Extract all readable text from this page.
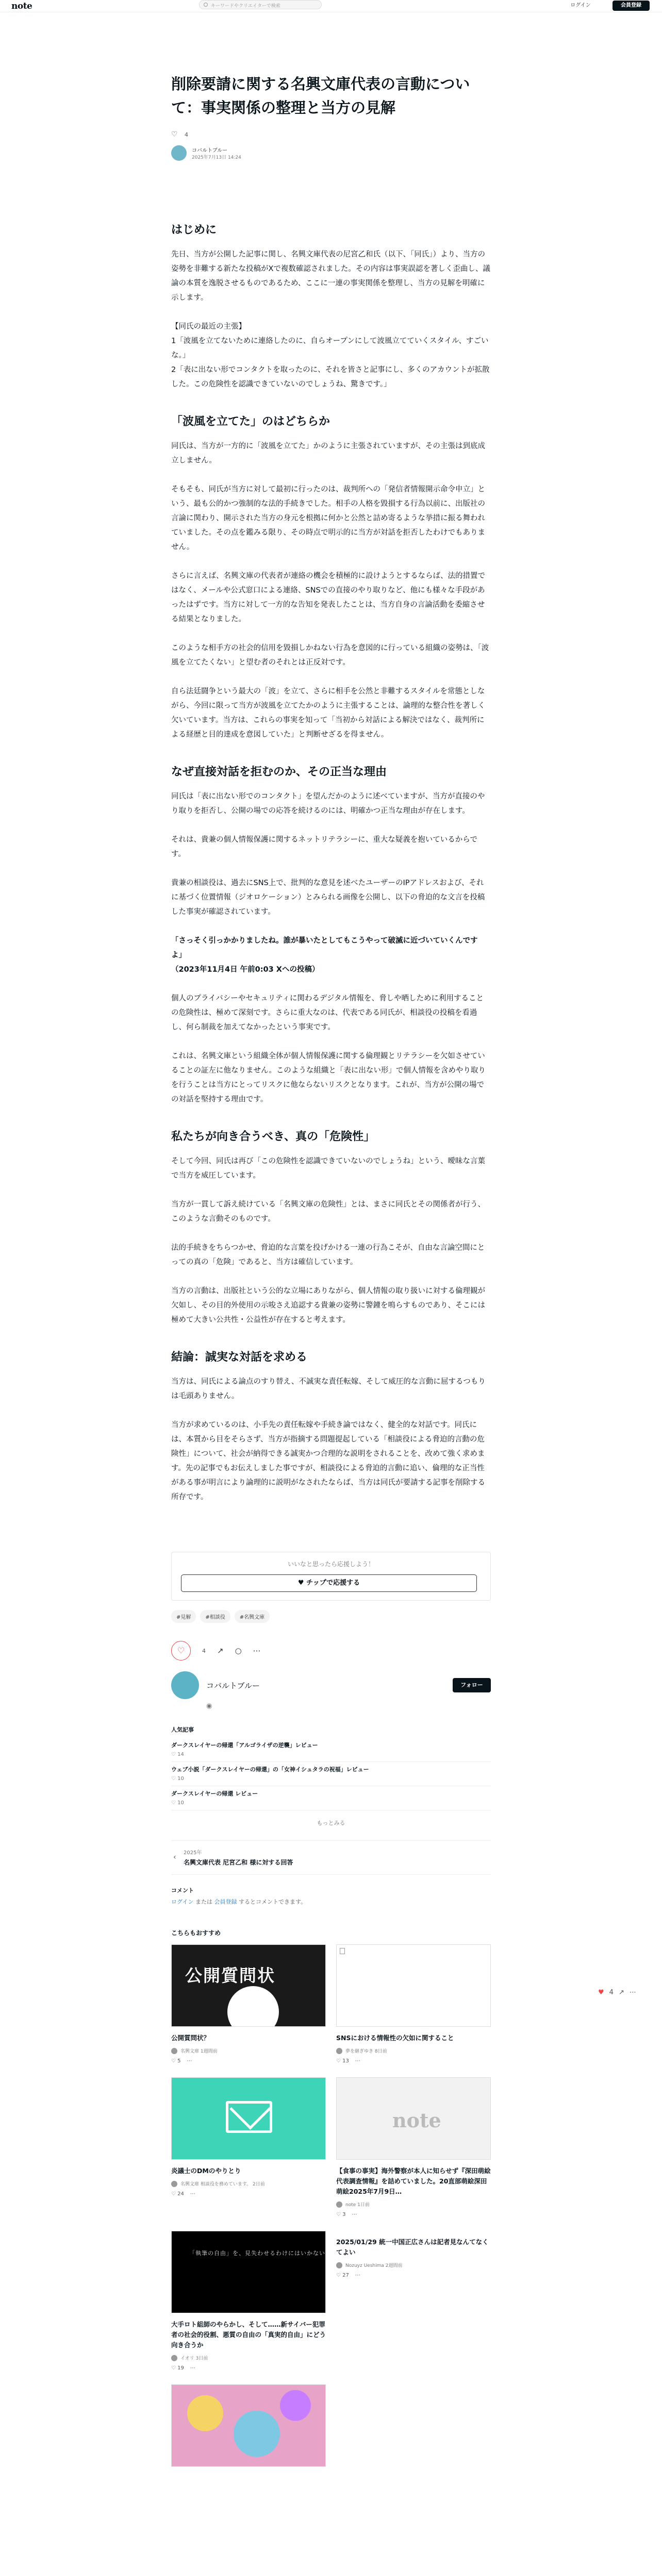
note	キーワードやクリエイターで検索	ログイン	会員登録
削除要請に関する名興文庫代表の言動について：事実関係の整理と当方の見解
♡	4
コバルトブルー
2025年7月13日 14:24
はじめに

先日、当方が公開した記事に関し、名興文庫代表の尼宮乙和氏（以下、「同氏」）より、当方の姿勢を非難する新たな投稿がXで複数確認されました。その内容は事実誤認を著しく歪曲し、議論の本質を逸脱させるものであるため、ここに一連の事実関係を整理し、当方の見解を明確に示します。

【同氏の最近の主張】
1「波風を立てないために連絡したのに、自らオープンにして波風立てていくスタイル、すごいな。」
2「表に出ない形でコンタクトを取ったのに、それを皆さと記事にし、多くのアカウントが拡散した。この危険性を認識できていないのでしょうね、驚きです。」

「波風を立てた」のはどちらか

同氏は、当方が一方的に「波風を立てた」かのように主張されていますが、その主張は到底成立しません。

そもそも、同氏が当方に対して最初に行ったのは、裁判所への「発信者情報開示命令申立」という、最も公的かつ強制的な法的手続きでした。相手の人格を毀損する行為以前に、出版社の言論に関わり、開示された当方の身元を根拠に何かと公然と詰め寄るような挙措に振る舞われていました。その点を鑑みる限り、その時点で明示的に当方が対話を拒否したわけでもありません。

さらに言えば、名興文庫の代表者が連絡の機会を積極的に設けようとするならば、法的措置ではなく、メールや公式窓口による連絡、SNSでの直接のやり取りなど、他にも様々な手段があったはずです。当方に対して一方的な告知を発表したことは、当方自身の言論活動を委縮させる結果となりました。

このような相手方の社会的信用を毀損しかねない行為を意図的に行っている組織の姿勢は、「波風を立てたくない」と望む者のそれとは正反対です。

自ら法廷闘争という最大の「波」を立て、さらに相手を公然と非難するスタイルを常態としながら、今回に限って当方が波風を立てたかのように主張することは、論理的な整合性を著しく欠いています。当方は、これらの事実を知って「当初から対話による解決ではなく、裁判所による経歴と目的達成を意図していた」と判断せざるを得ません。

なぜ直接対話を拒むのか、その正当な理由

同氏は「表に出ない形でのコンタクト」を望んだかのように述べていますが、当方が直接のやり取りを拒否し、公開の場での応答を続けるのには、明確かつ正当な理由が存在します。

それは、貴兼の個人情報保護に関するネットリテラシーに、重大な疑義を抱いているからです。

貴兼の相談役は、過去にSNS上で、批判的な意見を述べたユーザーのIPアドレスおよび、それに基づく位置情報（ジオロケーション）とみられる画像を公開し、以下の脅迫的な文言を投稿した事実が確認されています。

「さっそく引っかかりましたね。誰が暴いたとしてもこうやって破滅に近づいていくんですよ」
（2023年11月4日 午前0:03 Xへの投稿）

個人のプライバシーやセキュリティに関わるデジタル情報を、脅しや晒しために利用することの危険性は、極めて深刻です。さらに重大なのは、代表である同氏が、相談役の投稿を看過し、何ら制裁を加えてなかったという事実です。

これは、名興文庫という組織全体が個人情報保護に関する倫理観とリテラシーを欠如させていることの証左に他なりません。このような組織と「表に出ない形」で個人情報を含めやり取りを行うことは当方にとってリスクに他ならないリスクとなります。これが、当方が公開の場での対話を堅持する理由です。

私たちが向き合うべき、真の「危険性」

そして今回、同氏は再び「この危険性を認識できていないのでしょうね」という、曖昧な言葉で当方を威圧しています。

当方が一貫して訴え続けている「名興文庫の危険性」とは、まさに同氏とその関係者が行う、このような言動そのものです。

法的手続きをちらつかせ、脅迫的な言葉を投げかける一連の行為こそが、自由な言論空間にとっての真の「危険」であると、当方は確信しています。

当方の言動は、出版社という公的な立場にありながら、個人情報の取り扱いに対する倫理観が欠如し、その目的外使用の示唆さえ追認する貴兼の姿勢に警鐘を鳴らすものであり、そこには極めて大きい公共性・公益性が存在すると考えます。

結論：誠実な対話を求める

当方は、同氏による論点のすり替え、不誠実な責任転嫁、そして威圧的な言動に屈するつもりは毛頭ありません。

当方が求めているのは、小手先の責任転嫁や手続き論ではなく、健全的な対話です。同氏には、本質から目をそらさず、当方が指摘する問題提起している「相談役による脅迫的言動の危険性」について、社会が納得できる誠実かつ合理的な説明をされることを、改めて強く求めます。先の記事でもお伝えしました事ですが、相談役による脅迫的言動に追い、倫理的な正当性がある事が明言により論理的に説明がなされたならば、当方は同氏が要請する記事を削除する所存です。

いいなと思ったら応援しよう！
♥ チップで応援する
#見解	#相談役	#名興文庫
♡	4 ↗ ○ ⋯
コバルトブルー	フォロー
◉
人気記事
ダークスレイヤーの帰還「アルゴライザの逆襲」レビュー
♡ 14
ウェブ小説「ダークスレイヤーの帰還」の「女神イシュタラの祝福」レビュー
♡ 10
ダークスレイヤーの帰還 レビュー
♡ 10
もっとみる
‹
2025年
名興文庫代表 尼宮乙和 様に対する回答
コメント
ログイン または 会員登録 するとコメントできます。
こちらもおすすめ
公開質問状
公開質問状？
名興文庫 1週間前
♡ 5 ⋯
SNSにおける情報性の欠如に関すること
夢を継ぎゆき 8日前
♡ 13 ⋯
炎議士のDMのやりとり
名興文庫 相談役を務めています。 2日前
♡ 24 ⋯
note
【食事の事実】海外警察が本人に知らせず『深田萌絵代表調査情報』を詰めていました。20直部萌絵深田萌絵2025年7月9日…
note 1日前
♡ 3 ⋯
「執筆の自由」を、見失わせるわけにはいかない
大手ロト組師のやらかし、そして……新サイバー犯罪者の社会的役割、悪質の自由の「真実的自由」にどう向き合うか
イオリ 3日前
♡ 19 ⋯
2025/01/29 統一中国正広さんは記者見なんてなくてよい
Nozuyz Ueshima 2週間前
♡ 27 ⋯
♥ 4 ↗ ⋯
